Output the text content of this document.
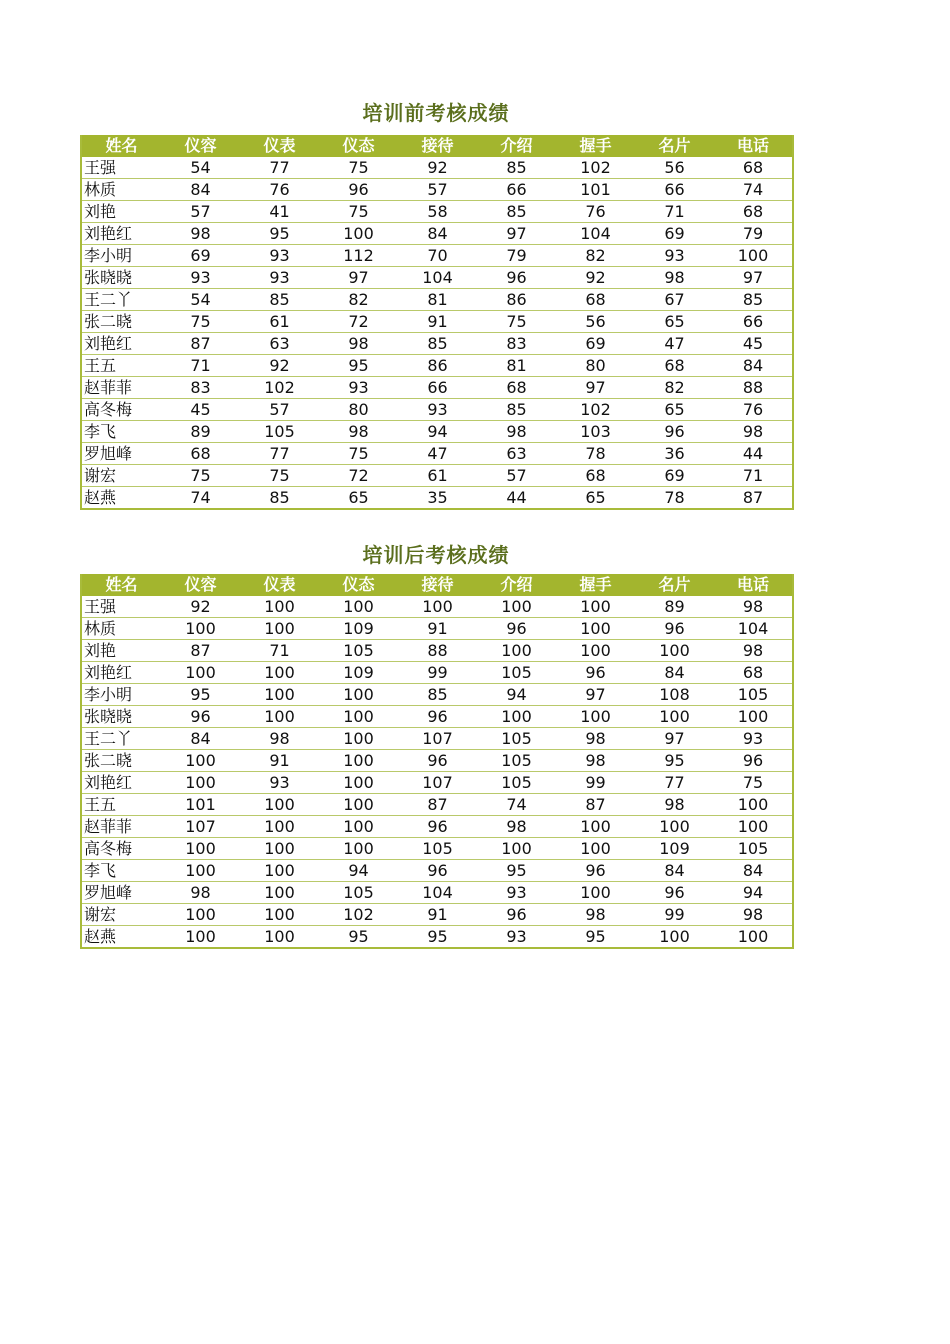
培训前考核成绩
姓名	仪容	仪表	仪态	接待	介绍	握手	名片	电话
王强	54	77	75	92	85	102	56	68
林质	84	76	96	57	66	101	66	74
刘艳	57	41	75	58	85	76	71	68
刘艳红	98	95	100	84	97	104	69	79
李小明	69	93	112	70	79	82	93	100
张晓晓	93	93	97	104	96	92	98	97
王二丫	54	85	82	81	86	68	67	85
张二晓	75	61	72	91	75	56	65	66
刘艳红	87	63	98	85	83	69	47	45
王五	71	92	95	86	81	80	68	84
赵菲菲	83	102	93	66	68	97	82	88
高冬梅	45	57	80	93	85	102	65	76
李飞	89	105	98	94	98	103	96	98
罗旭峰	68	77	75	47	63	78	36	44
谢宏	75	75	72	61	57	68	69	71
赵燕	74	85	65	35	44	65	78	87
培训后考核成绩
姓名	仪容	仪表	仪态	接待	介绍	握手	名片	电话
王强	92	100	100	100	100	100	89	98
林质	100	100	109	91	96	100	96	104
刘艳	87	71	105	88	100	100	100	98
刘艳红	100	100	109	99	105	96	84	68
李小明	95	100	100	85	94	97	108	105
张晓晓	96	100	100	96	100	100	100	100
王二丫	84	98	100	107	105	98	97	93
张二晓	100	91	100	96	105	98	95	96
刘艳红	100	93	100	107	105	99	77	75
王五	101	100	100	87	74	87	98	100
赵菲菲	107	100	100	96	98	100	100	100
高冬梅	100	100	100	105	100	100	109	105
李飞	100	100	94	96	95	96	84	84
罗旭峰	98	100	105	104	93	100	96	94
谢宏	100	100	102	91	96	98	99	98
赵燕	100	100	95	95	93	95	100	100
